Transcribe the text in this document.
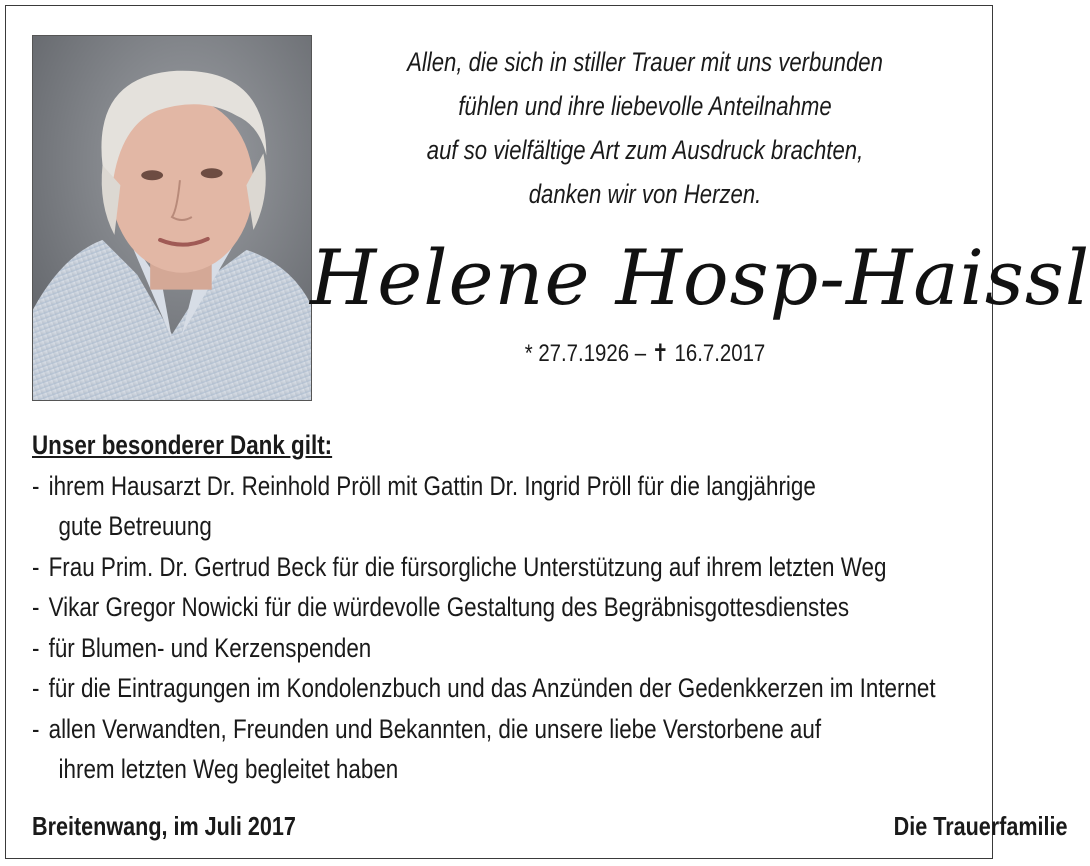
Allen, die sich in stiller Trauer mit uns verbunden
fühlen und ihre liebevolle Anteilnahme
auf so vielfältige Art zum Ausdruck brachten,
danken wir von Herzen.
Helene Hosp-Haissl
* 27.7.1926 – ✝ 16.7.2017
Unser besonderer Dank gilt:
- ihrem Hausarzt Dr. Reinhold Pröll mit Gattin Dr. Ingrid Pröll für die langjährige
gute Betreuung
- Frau Prim. Dr. Gertrud Beck für die fürsorgliche Unterstützung auf ihrem letzten Weg
- Vikar Gregor Nowicki für die würdevolle Gestaltung des Begräbnisgottesdienstes
- für Blumen- und Kerzenspenden
- für die Eintragungen im Kondolenzbuch und das Anzünden der Gedenkkerzen im Internet
- allen Verwandten, Freunden und Bekannten, die unsere liebe Verstorbene auf
ihrem letzten Weg begleitet haben
Breitenwang, im Juli 2017	Die Trauerfamilie
